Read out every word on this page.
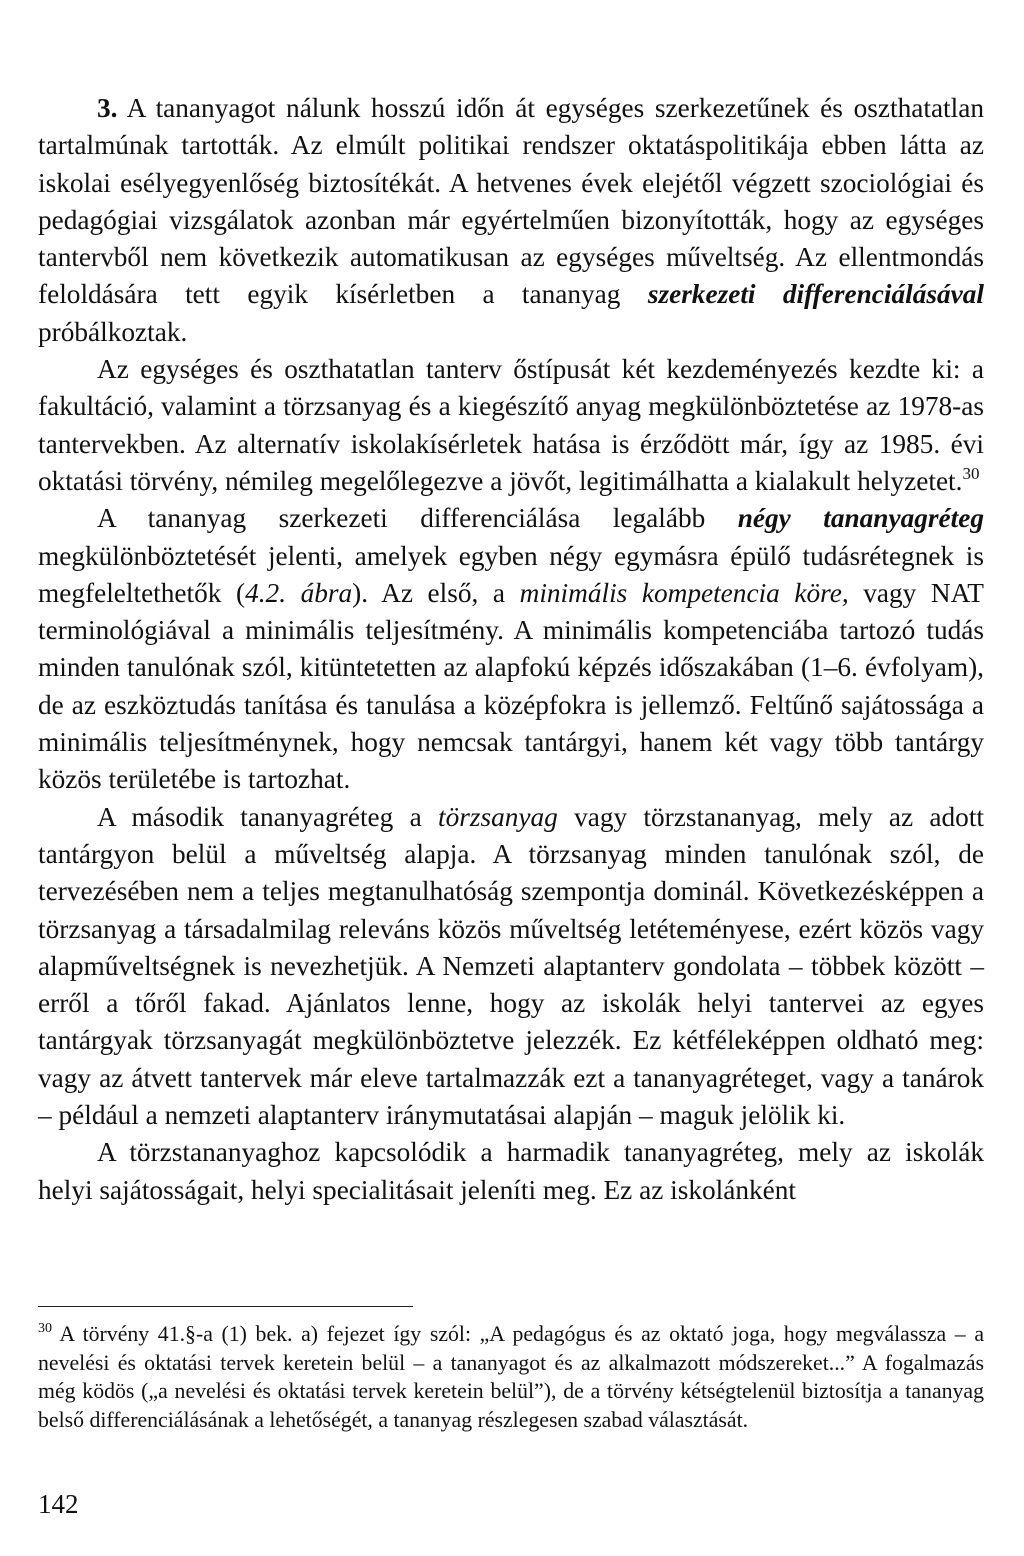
3. A tananyagot nálunk hosszú időn át egységes szerkezetűnek és oszthatatlan tartalmúnak tartották. Az elmúlt politikai rendszer oktatáspolitikája ebben látta az iskolai esélyegyenlőség biztosítékát. A hetvenes évek elejétől végzett szociológiai és pedagógiai vizsgálatok azonban már egyértelműen bizonyították, hogy az egységes tantervből nem következik automatikusan az egységes műveltség. Az ellentmondás feloldására tett egyik kísérletben a tananyag szerkezeti differenciálásával próbálkoztak.

Az egységes és oszthatatlan tanterv őstípusát két kezdeményezés kezdte ki: a fakultáció, valamint a törzsanyag és a kiegészítő anyag megkülönböztetése az 1978-as tantervekben. Az alternatív iskolakísérletek hatása is érződött már, így az 1985. évi oktatási törvény, némileg megelőlegezve a jövőt, legitimálhatta a kialakult helyzetet.$^{30}$

A tananyag szerkezeti differenciálása legalább négy tananyagréteg megkülönböztetését jelenti, amelyek egyben négy egymásra épülő tudásrétegnek is megfeleltethetők (4.2. ábra). Az első, a minimális kompetencia köre, vagy NAT terminológiával a minimális teljesítmény. A minimális kompetenciába tartozó tudás minden tanulónak szól, kitüntetetten az alapfokú képzés időszakában (1–6. évfolyam), de az eszköztudás tanítása és tanulása a középfokra is jellemző. Feltűnő sajátossága a minimális teljesítménynek, hogy nemcsak tantárgyi, hanem két vagy több tantárgy közös területébe is tartozhat.

A második tananyagréteg a törzsanyag vagy törzstananyag, mely az adott tantárgyon belül a műveltség alapja. A törzsanyag minden tanulónak szól, de tervezésében nem a teljes megtanulhatóság szempontja dominál. Következésképpen a törzsanyag a társadalmilag releváns közös műveltség letéteményese, ezért közös vagy alapműveltségnek is nevezhetjük. A Nemzeti alaptanterv gondolata – többek között – erről a tőről fakad. Ajánlatos lenne, hogy az iskolák helyi tantervei az egyes tantárgyak törzsanyagát megkülönböztetve jelezzék. Ez kétféleképpen oldható meg: vagy az átvett tantervek már eleve tartalmazzák ezt a tananyagréteget, vagy a tanárok – például a nemzeti alaptanterv iránymutatásai alapján – maguk jelölik ki.

A törzstananyaghoz kapcsolódik a harmadik tananyagréteg, mely az iskolák helyi sajátosságait, helyi specialitásait jeleníti meg. Ez az iskolánként

$^{30}$ A törvény 41.§-a (1) bek. a) fejezet így szól: „A pedagógus és az oktató joga, hogy megválassza – a nevelési és oktatási tervek keretein belül – a tananyagot és az alkalmazott módszereket...” A fogalmazás még ködös („a nevelési és oktatási tervek keretein belül”), de a törvény kétségtelenül biztosítja a tananyag belső differenciálásának a lehetőségét, a tananyag részlegesen szabad választását.

142
